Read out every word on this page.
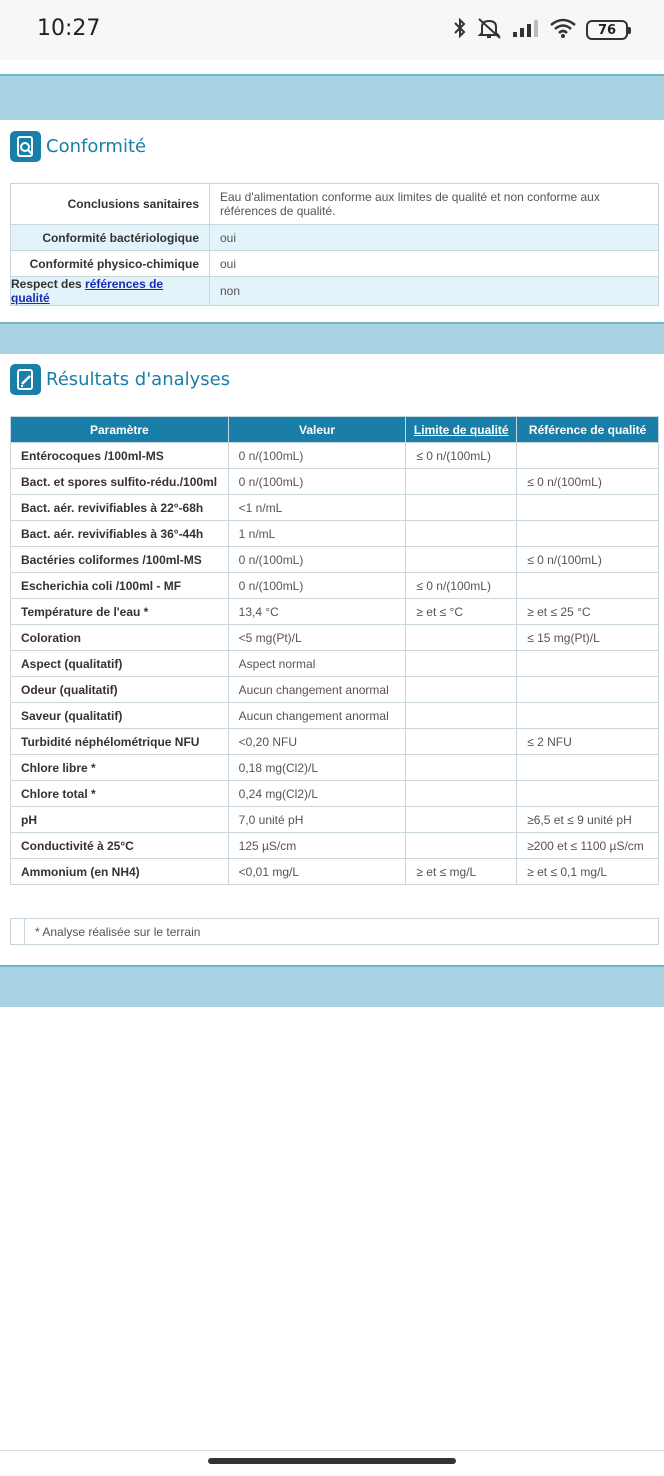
10:27	76
Conformité
Conclusions sanitaires	Eau d'alimentation conforme aux limites de qualité et non conforme aux références de qualité.
Conformité bactériologique	oui
Conformité physico-chimique	oui
Respect des références de qualité	non
Résultats d'analyses
Paramètre	Valeur	Limite de qualité	Référence de qualité
Entérocoques /100ml-MS	0 n/(100mL)	≤ 0 n/(100mL)	
Bact. et spores sulfito-rédu./100ml	0 n/(100mL)		≤ 0 n/(100mL)
Bact. aér. revivifiables à 22°-68h	<1 n/mL		
Bact. aér. revivifiables à 36°-44h	1 n/mL		
Bactéries coliformes /100ml-MS	0 n/(100mL)		≤ 0 n/(100mL)
Escherichia coli /100ml - MF	0 n/(100mL)	≤ 0 n/(100mL)	
Température de l'eau *	13,4 °C	≥ et ≤ °C	≥ et ≤ 25 °C
Coloration	<5 mg(Pt)/L		≤ 15 mg(Pt)/L
Aspect (qualitatif)	Aspect normal		
Odeur (qualitatif)	Aucun changement anormal		
Saveur (qualitatif)	Aucun changement anormal		
Turbidité néphélométrique NFU	<0,20 NFU		≤ 2 NFU
Chlore libre *	0,18 mg(Cl2)/L		
Chlore total *	0,24 mg(Cl2)/L		
pH	7,0 unité pH		≥6,5 et ≤ 9 unité pH
Conductivité à 25°C	125 µS/cm		≥200 et ≤ 1100 µS/cm
Ammonium (en NH4)	<0,01 mg/L	≥ et ≤ mg/L	≥ et ≤ 0,1 mg/L
* Analyse réalisée sur le terrain
